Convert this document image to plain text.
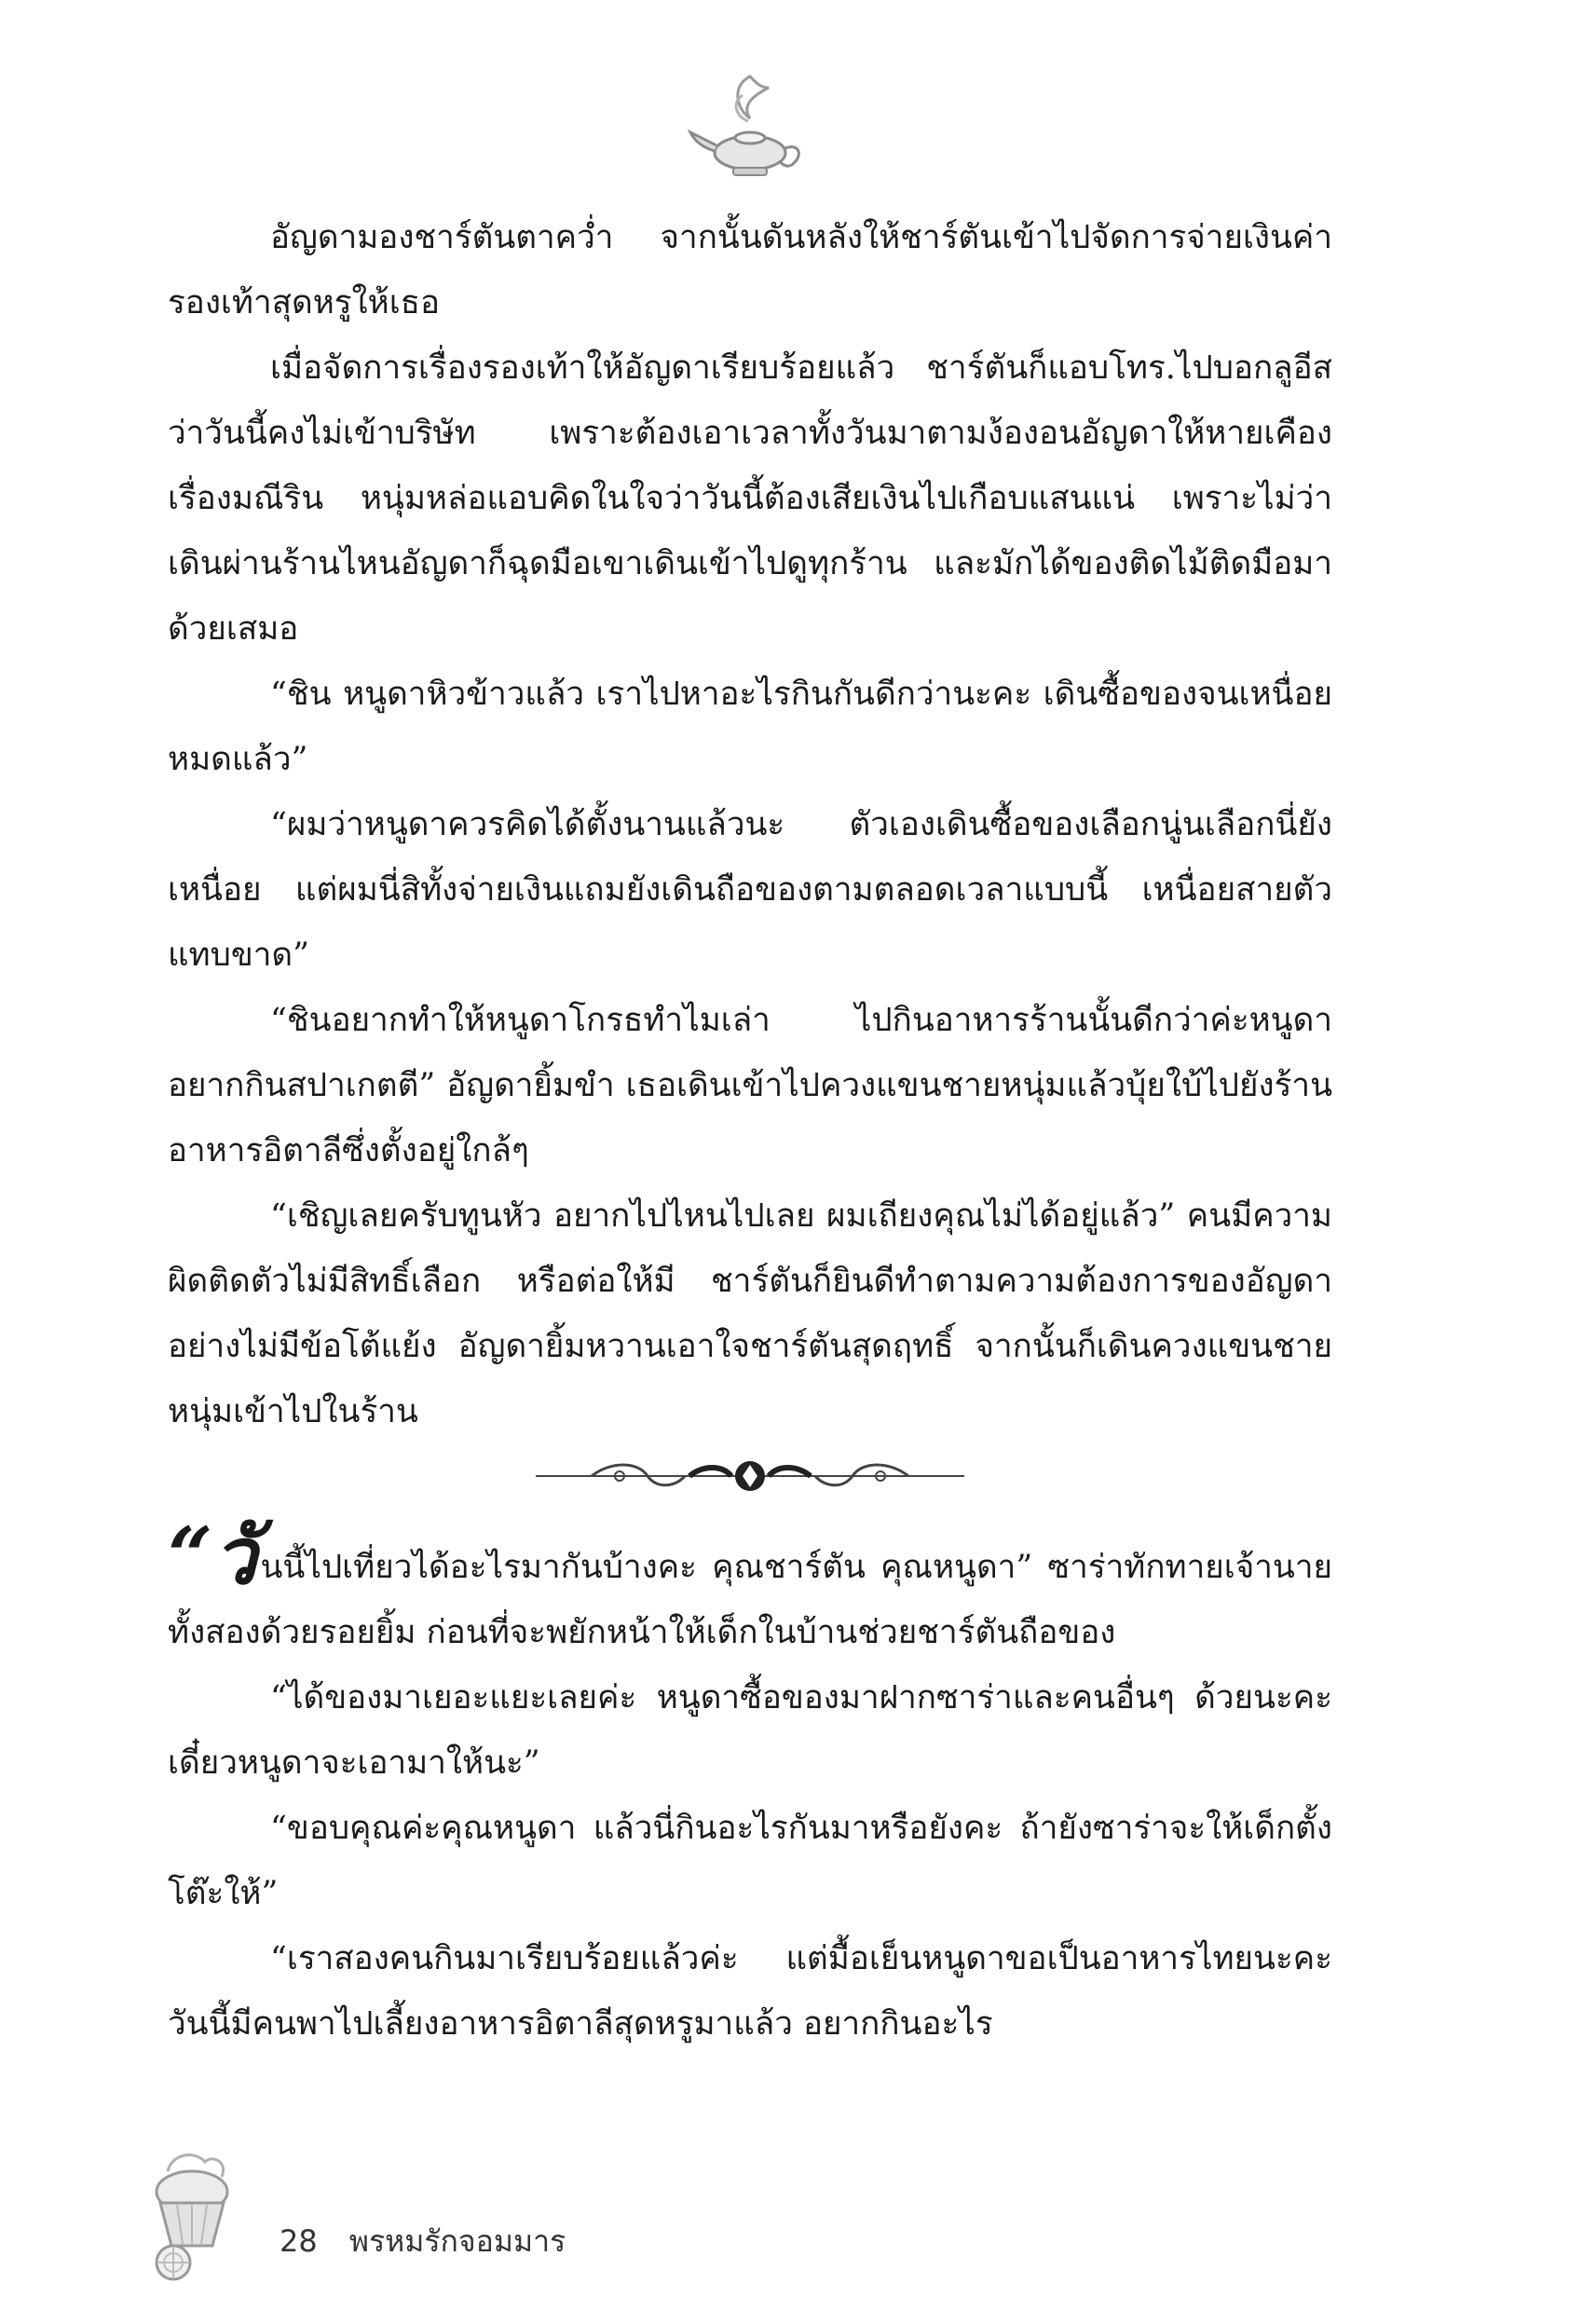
อัญดามองชาร์ตันตาคว่ำ จากนั้นดันหลังให้ชาร์ตันเข้าไปจัดการจ่ายเงินค่ารองเท้าสุดหรูให้เธอ

เมื่อจัดการเรื่องรองเท้าให้อัญดาเรียบร้อยแล้ว ชาร์ตันก็แอบโทร.ไปบอกลูอีสว่าวันนี้คงไม่เข้าบริษัท เพราะต้องเอาเวลาทั้งวันมาตามง้องอนอัญดาให้หายเคืองเรื่องมณีริน หนุ่มหล่อแอบคิดในใจว่าวันนี้ต้องเสียเงินไปเกือบแสนแน่ เพราะไม่ว่าเดินผ่านร้านไหนอัญดาก็ฉุดมือเขาเดินเข้าไปดูทุกร้าน และมักได้ของติดไม้ติดมือมาด้วยเสมอ

“ชิน หนูดาหิวข้าวแล้ว เราไปหาอะไรกินกันดีกว่านะคะ เดินซื้อของจนเหนื่อยหมดแล้ว”

“ผมว่าหนูดาควรคิดได้ตั้งนานแล้วนะ ตัวเองเดินซื้อของเลือกนู่นเลือกนี่ยังเหนื่อย แต่ผมนี่สิทั้งจ่ายเงินแถมยังเดินถือของตามตลอดเวลาแบบนี้ เหนื่อยสายตัวแทบขาด”

“ชินอยากทำให้หนูดาโกรธทำไมเล่า ไปกินอาหารร้านนั้นดีกว่าค่ะหนูดาอยากกินสปาเกตตี” อัญดายิ้มขำ เธอเดินเข้าไปควงแขนชายหนุ่มแล้วบุ้ยใบ้ไปยังร้านอาหารอิตาลีซึ่งตั้งอยู่ใกล้ๆ

“เชิญเลยครับทูนหัว อยากไปไหนไปเลย ผมเถียงคุณไม่ได้อยู่แล้ว” คนมีความผิดติดตัวไม่มีสิทธิ์เลือก หรือต่อให้มี ชาร์ตันก็ยินดีทำตามความต้องการของอัญดาอย่างไม่มีข้อโต้แย้ง อัญดายิ้มหวานเอาใจชาร์ตันสุดฤทธิ์ จากนั้นก็เดินควงแขนชายหนุ่มเข้าไปในร้าน

“วันนี้ไปเที่ยวได้อะไรมากันบ้างคะ คุณชาร์ตัน คุณหนูดา” ซาร่าทักทายเจ้านายทั้งสองด้วยรอยยิ้ม ก่อนที่จะพยักหน้าให้เด็กในบ้านช่วยชาร์ตันถือของ

“ได้ของมาเยอะแยะเลยค่ะ หนูดาซื้อของมาฝากซาร่าและคนอื่นๆ ด้วยนะคะ เดี๋ยวหนูดาจะเอามาให้นะ”

“ขอบคุณค่ะคุณหนูดา แล้วนี่กินอะไรกันมาหรือยังคะ ถ้ายังซาร่าจะให้เด็กตั้งโต๊ะให้”

“เราสองคนกินมาเรียบร้อยแล้วค่ะ แต่มื้อเย็นหนูดาขอเป็นอาหารไทยนะคะ วันนี้มีคนพาไปเลี้ยงอาหารอิตาลีสุดหรูมาแล้ว อยากกินอะไร

28 พรหมรักจอมมาร
